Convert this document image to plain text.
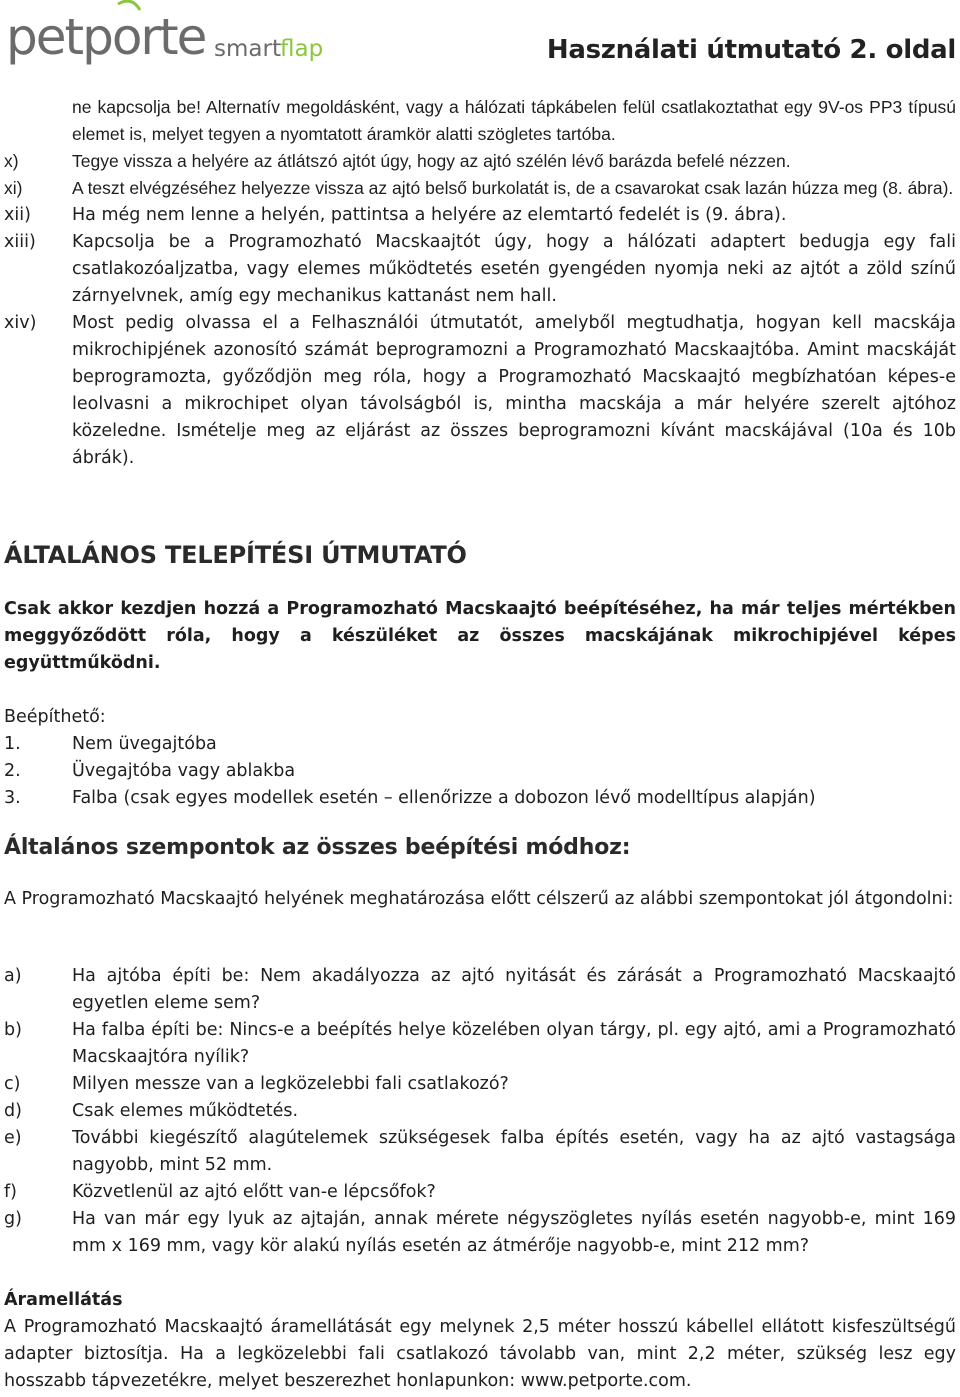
petporte smart flap	Használati útmutató 2. oldal
ne kapcsolja be! Alternatív megoldásként, vagy a hálózati tápkábelen felül csatlakoztathat egy 9V-os PP3 típusú elemet is, melyet tegyen a nyomtatott áramkör alatti szögletes tartóba.
x)	Tegye vissza a helyére az átlátszó ajtót úgy, hogy az ajtó szélén lévő barázda befelé nézzen.
xi)	A teszt elvégzéséhez helyezze vissza az ajtó belső burkolatát is, de a csavarokat csak lazán húzza meg (8. ábra).
xii) Ha még nem lenne a helyén, pattintsa a helyére az elemtartó fedelét is (9. ábra).
xiii) Kapcsolja be a Programozható Macskaajtót úgy, hogy a hálózati adaptert bedugja egy fali csatlakozóaljzatba, vagy elemes működtetés esetén gyengéden nyomja neki az ajtót a zöld színű zárnyelvnek, amíg egy mechanikus kattanást nem hall.
xiv) Most pedig olvassa el a Felhasználói útmutatót, amelyből megtudhatja, hogyan kell macskája mikrochipjének azonosító számát beprogramozni a Programozható Macskaajtóba. Amint macskáját beprogramozta, győződjön meg róla, hogy a Programozható Macskaajtó megbízhatóan képes-e leolvasni a mikrochipet olyan távolságból is, mintha macskája a már helyére szerelt ajtóhoz közeledne. Ismételje meg az eljárást az összes beprogramozni kívánt macskájával (10a és 10b ábrák).
ÁLTALÁNOS TELEPÍTÉSI ÚTMUTATÓ
Csak akkor kezdjen hozzá a Programozható Macskaajtó beépítéséhez, ha már teljes mértékben meggyőződött róla, hogy a készüléket az összes macskájának mikrochipjével képes együttműködni.
Beépíthető:
1.	Nem üvegajtóba
2.	Üvegajtóba vagy ablakba
3.	Falba (csak egyes modellek esetén – ellenőrizze a dobozon lévő modelltípus alapján)
Általános szempontok az összes beépítési módhoz:
A Programozható Macskaajtó helyének meghatározása előtt célszerű az alábbi szempontokat jól átgondolni:
a)	Ha ajtóba építi be: Nem akadályozza az ajtó nyitását és zárását a Programozható Macskaajtó egyetlen eleme sem?
b)	Ha falba építi be: Nincs-e a beépítés helye közelében olyan tárgy, pl. egy ajtó, ami a Programozható Macskaajtóra nyílik?
c)	Milyen messze van a legközelebbi fali csatlakozó?
d)	Csak elemes működtetés.
e)	További kiegészítő alagútelemek szükségesek falba építés esetén, vagy ha az ajtó vastagsága nagyobb, mint 52 mm.
f)	Közvetlenül az ajtó előtt van-e lépcsőfok?
g)	Ha van már egy lyuk az ajtaján, annak mérete négyszögletes nyílás esetén nagyobb-e, mint 169 mm x 169 mm, vagy kör alakú nyílás esetén az átmérője nagyobb-e, mint 212 mm?
Áramellátás
A Programozható Macskaajtó áramellátását egy melynek 2,5 méter hosszú kábellel ellátott kisfeszültségű adapter biztosítja. Ha a legközelebbi fali csatlakozó távolabb van, mint 2,2 méter, szükség lesz egy hosszabb tápvezetékre, melyet beszerezhet honlapunkon: www.petporte.com.
